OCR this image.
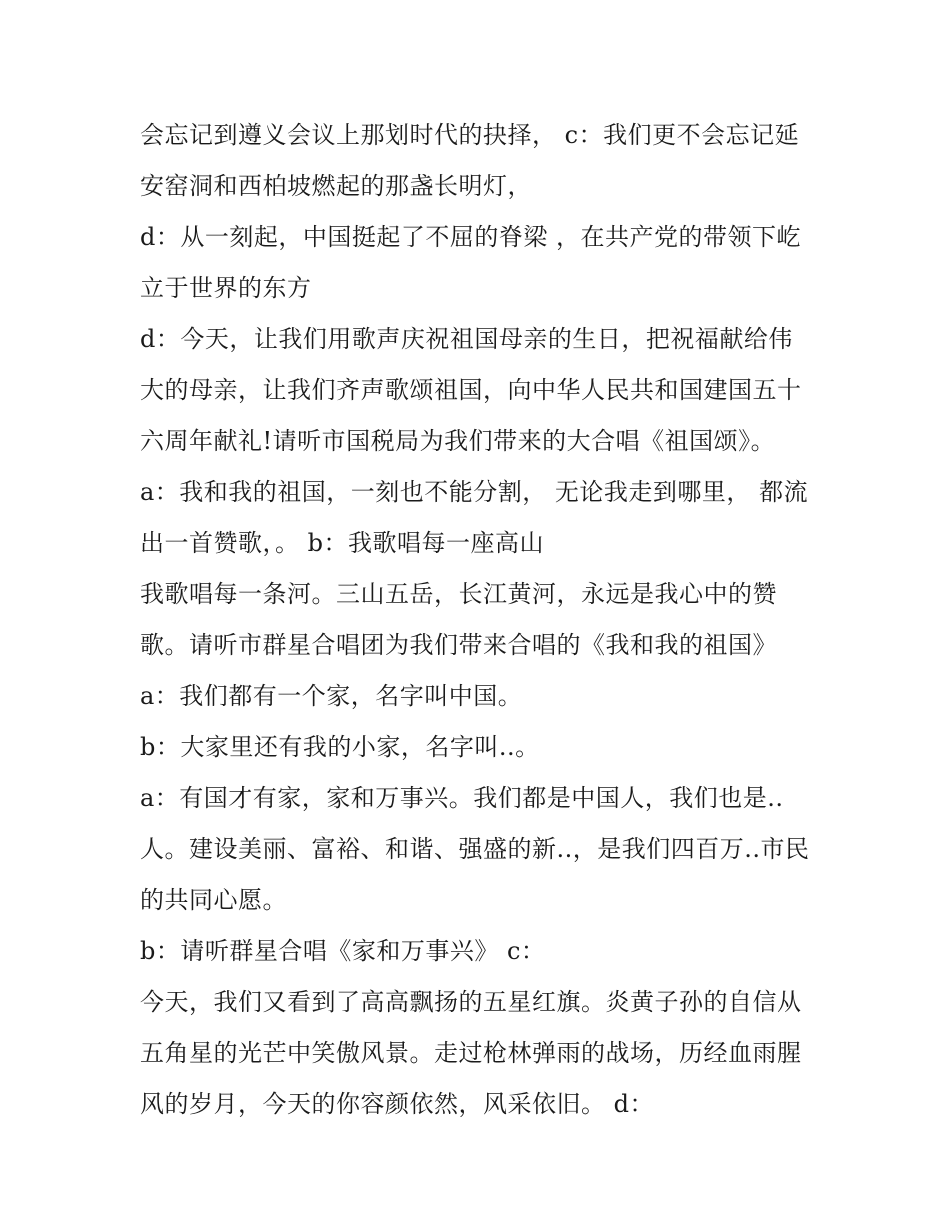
会忘记到遵义会议上那划时代的抉择， c：我们更不会忘记延
安窑洞和西柏坡燃起的那盏长明灯，
d：从一刻起，中国挺起了不屈的脊梁 ，在共产党的带领下屹
立于世界的东方
d：今天，让我们用歌声庆祝祖国母亲的生日，把祝福献给伟
大的母亲，让我们齐声歌颂祖国，向中华人民共和国建国五十
六周年献礼!请听市国税局为我们带来的大合唱《祖国颂》。
a：我和我的祖国，一刻也不能分割， 无论我走到哪里， 都流
出一首赞歌，。 b：我歌唱每一座高山
我歌唱每一条河。三山五岳，长江黄河，永远是我心中的赞
歌。请听市群星合唱团为我们带来合唱的《我和我的祖国》
a：我们都有一个家，名字叫中国。
b：大家里还有我的小家，名字叫..。
a：有国才有家，家和万事兴。我们都是中国人，我们也是..
人。建设美丽、富裕、和谐、强盛的新..，是我们四百万..市民
的共同心愿。
b：请听群星合唱《家和万事兴》 c：
今天，我们又看到了高高飘扬的五星红旗。炎黄子孙的自信从
五角星的光芒中笑傲风景。走过枪林弹雨的战场，历经血雨腥
风的岁月，今天的你容颜依然，风采依旧。 d：
